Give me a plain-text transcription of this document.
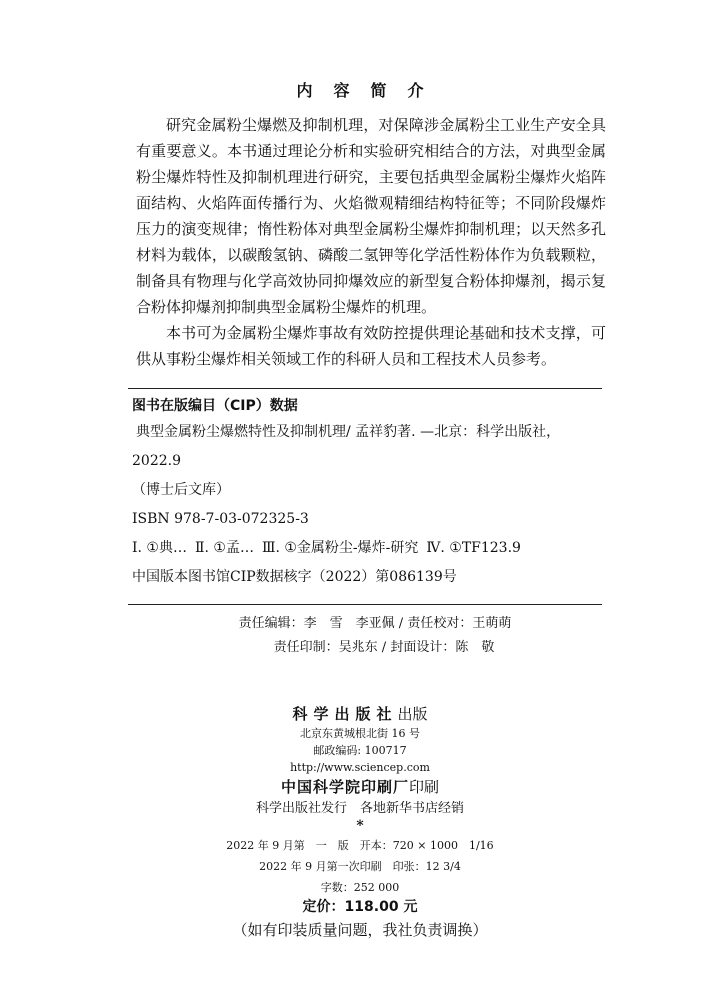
内容简介

研究金属粉尘爆燃及抑制机理，对保障涉金属粉尘工业生产安全具有重要意义。本书通过理论分析和实验研究相结合的方法，对典型金属粉尘爆炸特性及抑制机理进行研究，主要包括典型金属粉尘爆炸火焰阵面结构、火焰阵面传播行为、火焰微观精细结构特征等；不同阶段爆炸压力的演变规律；惰性粉体对典型金属粉尘爆炸抑制机理；以天然多孔材料为载体，以碳酸氢钠、磷酸二氢钾等化学活性粉体作为负载颗粒，制备具有物理与化学高效协同抑爆效应的新型复合粉体抑爆剂，揭示复合粉体抑爆剂抑制典型金属粉尘爆炸的机理。

本书可为金属粉尘爆炸事故有效防控提供理论基础和技术支撑，可供从事粉尘爆炸相关领域工作的科研人员和工程技术人员参考。

图书在版编目（CIP）数据
典型金属粉尘爆燃特性及抑制机理/ 孟祥豹著. —北京：科学出版社，
2022.9
（博士后文库）
ISBN 978-7-03-072325-3
Ⅰ. ①典… Ⅱ. ①孟… Ⅲ. ①金属粉尘-爆炸-研究 Ⅳ. ①TF123.9
中国版本图书馆CIP数据核字（2022）第086139号
责任编辑：李　雪　李亚佩 / 责任校对：王萌萌
责任印制：吴兆东 / 封面设计：陈　敬
科学出版社出版
北京东黄城根北街 16 号
邮政编码: 100717
http://www.sciencep.com
中国科学院印刷厂印刷
科学出版社发行　各地新华书店经销
*
2022 年 9 月第　一　版　开本：720 × 1000　1/16
2022 年 9 月第一次印刷　印张：12 3/4
字数：252 000
定价：118.00 元
（如有印装质量问题，我社负责调换）
